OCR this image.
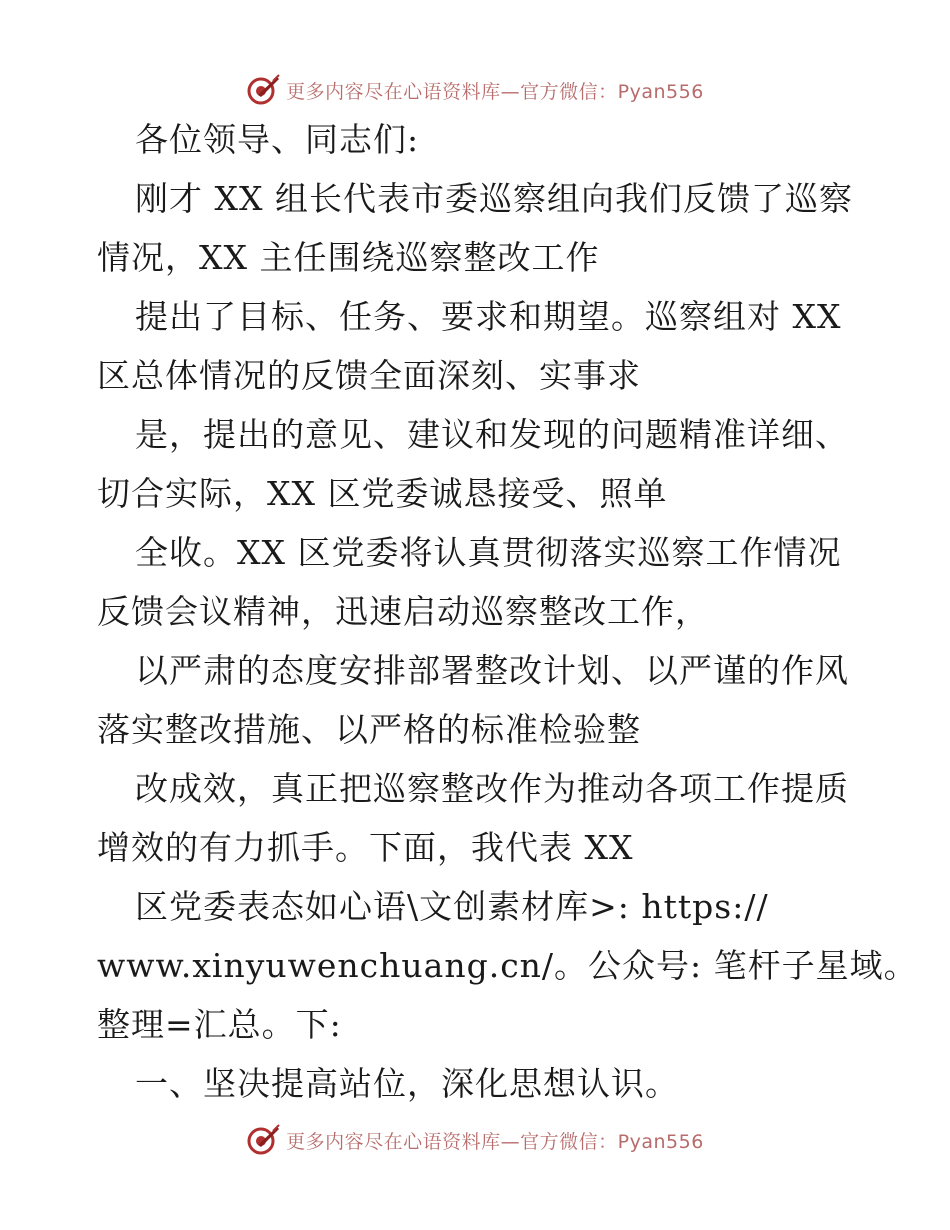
更多内容尽在心语资料库—官方微信：Pyan556
各位领导、同志们:
刚才 XX 组长代表市委巡察组向我们反馈了巡察
情况，XX 主任围绕巡察整改工作
提出了目标、任务、要求和期望。巡察组对 XX
区总体情况的反馈全面深刻、实事求
是，提出的意见、建议和发现的问题精准详细、
切合实际，XX 区党委诚恳接受、照单
全收。XX 区党委将认真贯彻落实巡察工作情况
反馈会议精神，迅速启动巡察整改工作，
以严肃的态度安排部署整改计划、以严谨的作风
落实整改措施、以严格的标准检验整
改成效，真正把巡察整改作为推动各项工作提质
增效的有力抓手。下面，我代表 XX
区党委表态如心语\文创素材库>: https://
www.xinyuwenchuang.cn/。公众号: 笔杆子星域。
整理=汇总。下:
一、坚决提高站位，深化思想认识。
更多内容尽在心语资料库—官方微信：Pyan556
